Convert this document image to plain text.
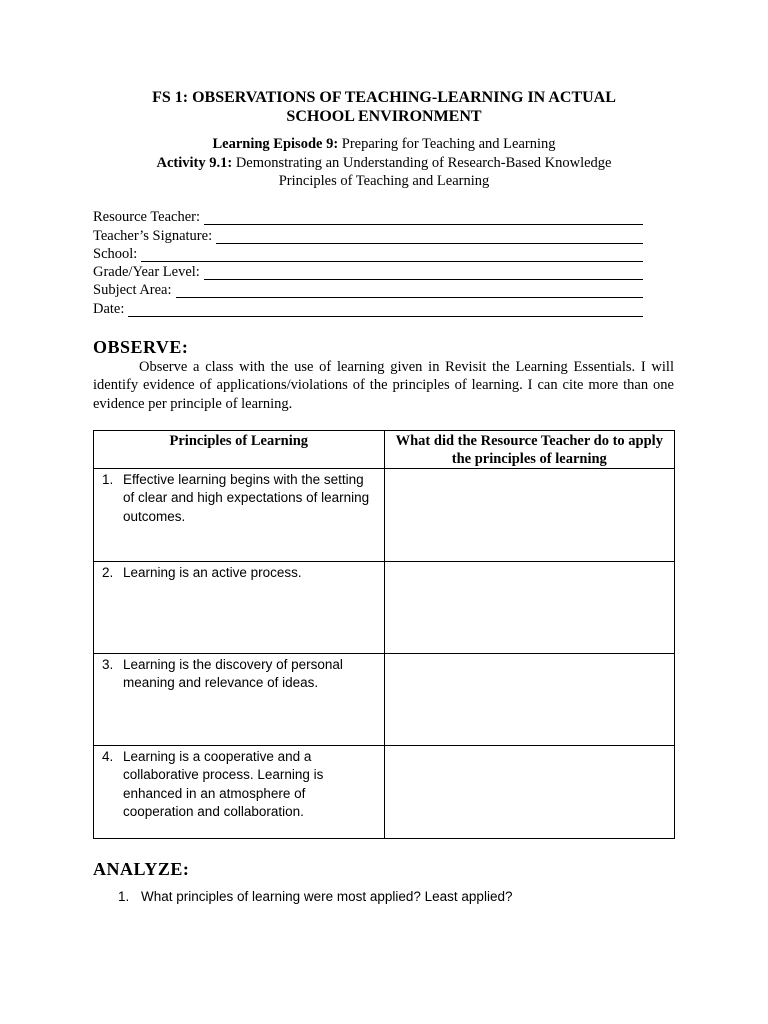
FS 1: OBSERVATIONS OF TEACHING-LEARNING IN ACTUAL
SCHOOL ENVIRONMENT
Learning Episode 9: Preparing for Teaching and Learning
Activity 9.1: Demonstrating an Understanding of Research-Based Knowledge
Principles of Teaching and Learning
Resource Teacher:
Teacher’s Signature:
School:
Grade/Year Level:
Subject Area:
Date:
OBSERVE:
Observe a class with the use of learning given in Revisit the Learning Essentials. I will identify evidence of applications/violations of the principles of learning. I can cite more than one evidence per principle of learning.
Principles of Learning	What did the Resource Teacher do to apply the principles of learning

1. Effective learning begins with the setting of clear and high expectations of learning outcomes.	

2. Learning is an active process.	

3. Learning is the discovery of personal meaning and relevance of ideas.	

4. Learning is a cooperative and a collaborative process. Learning is enhanced in an atmosphere of cooperation and collaboration.	

ANALYZE:
1. What principles of learning were most applied? Least applied?
